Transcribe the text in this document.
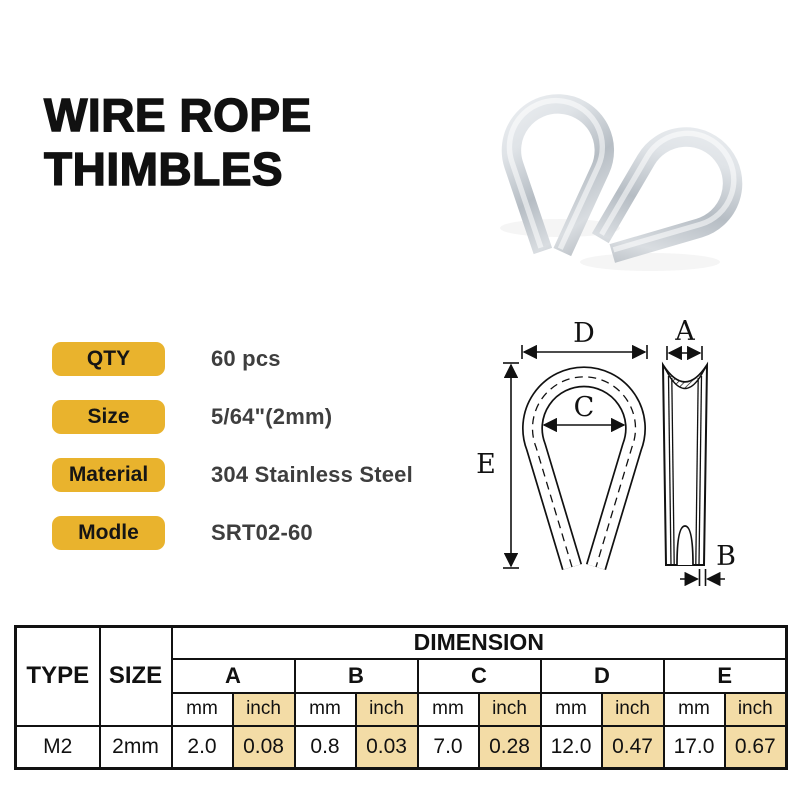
WIRE ROPE
THIMBLES
QTY	60 pcs
Size	5/64"(2mm)
Material	304 Stainless Steel
Modle	SRT02-60
D
E
C
A
B
TYPE	SIZE	DIMENSION									
		A		B		C		D		E	
		mm	inch	mm	inch	mm	inch	mm	inch	mm	inch
M2	2mm	2.0	0.08	0.8	0.03	7.0	0.28	12.0	0.47	17.0	0.67
